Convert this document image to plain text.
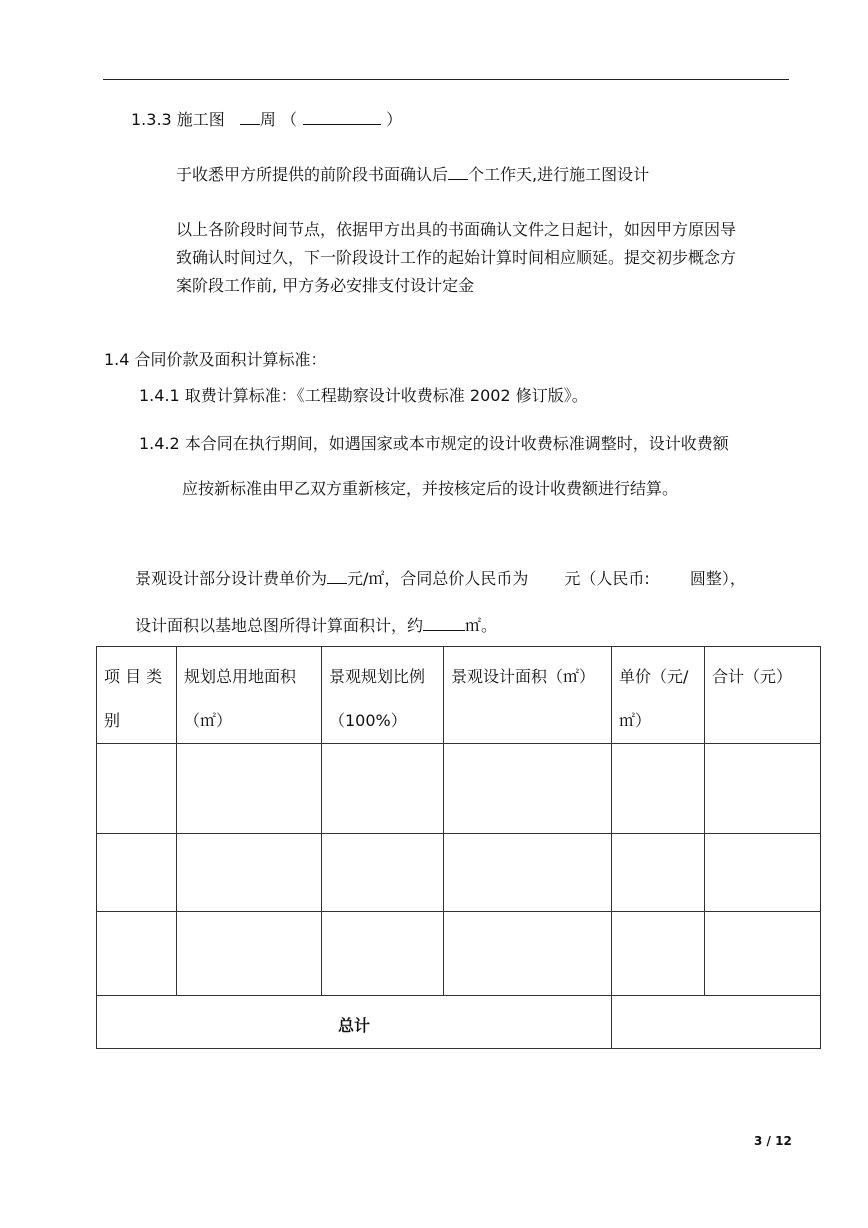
1.3.3 施工图 周 （	）
于收悉甲方所提供的前阶段书面确认后 个工作天,进行施工图设计
以上各阶段时间节点，依据甲方出具的书面确认文件之日起计，如因甲方原因导
致确认时间过久，下一阶段设计工作的起始计算时间相应顺延。提交初步概念方
案阶段工作前, 甲方务必安排支付设计定金
1.4 合同价款及面积计算标准：
1.4.1 取费计算标准：《工程勘察设计收费标准 2002 修订版》。
1.4.2 本合同在执行期间，如遇国家或本市规定的设计收费标准调整时，设计收费额
应按新标准由甲乙双方重新核定，并按核定后的设计收费额进行结算。
景观设计部分设计费单价为 元/㎡，合同总价人民币为 元（人民币:	圆整），
设计面积以基地总图所得计算面积计，约	㎡。
项 目 类别	规划总用地面积（㎡）	景观规划比例（100%）	景观设计面积（㎡）	单价（元/㎡）	合计（元）

总计					
3 / 12
